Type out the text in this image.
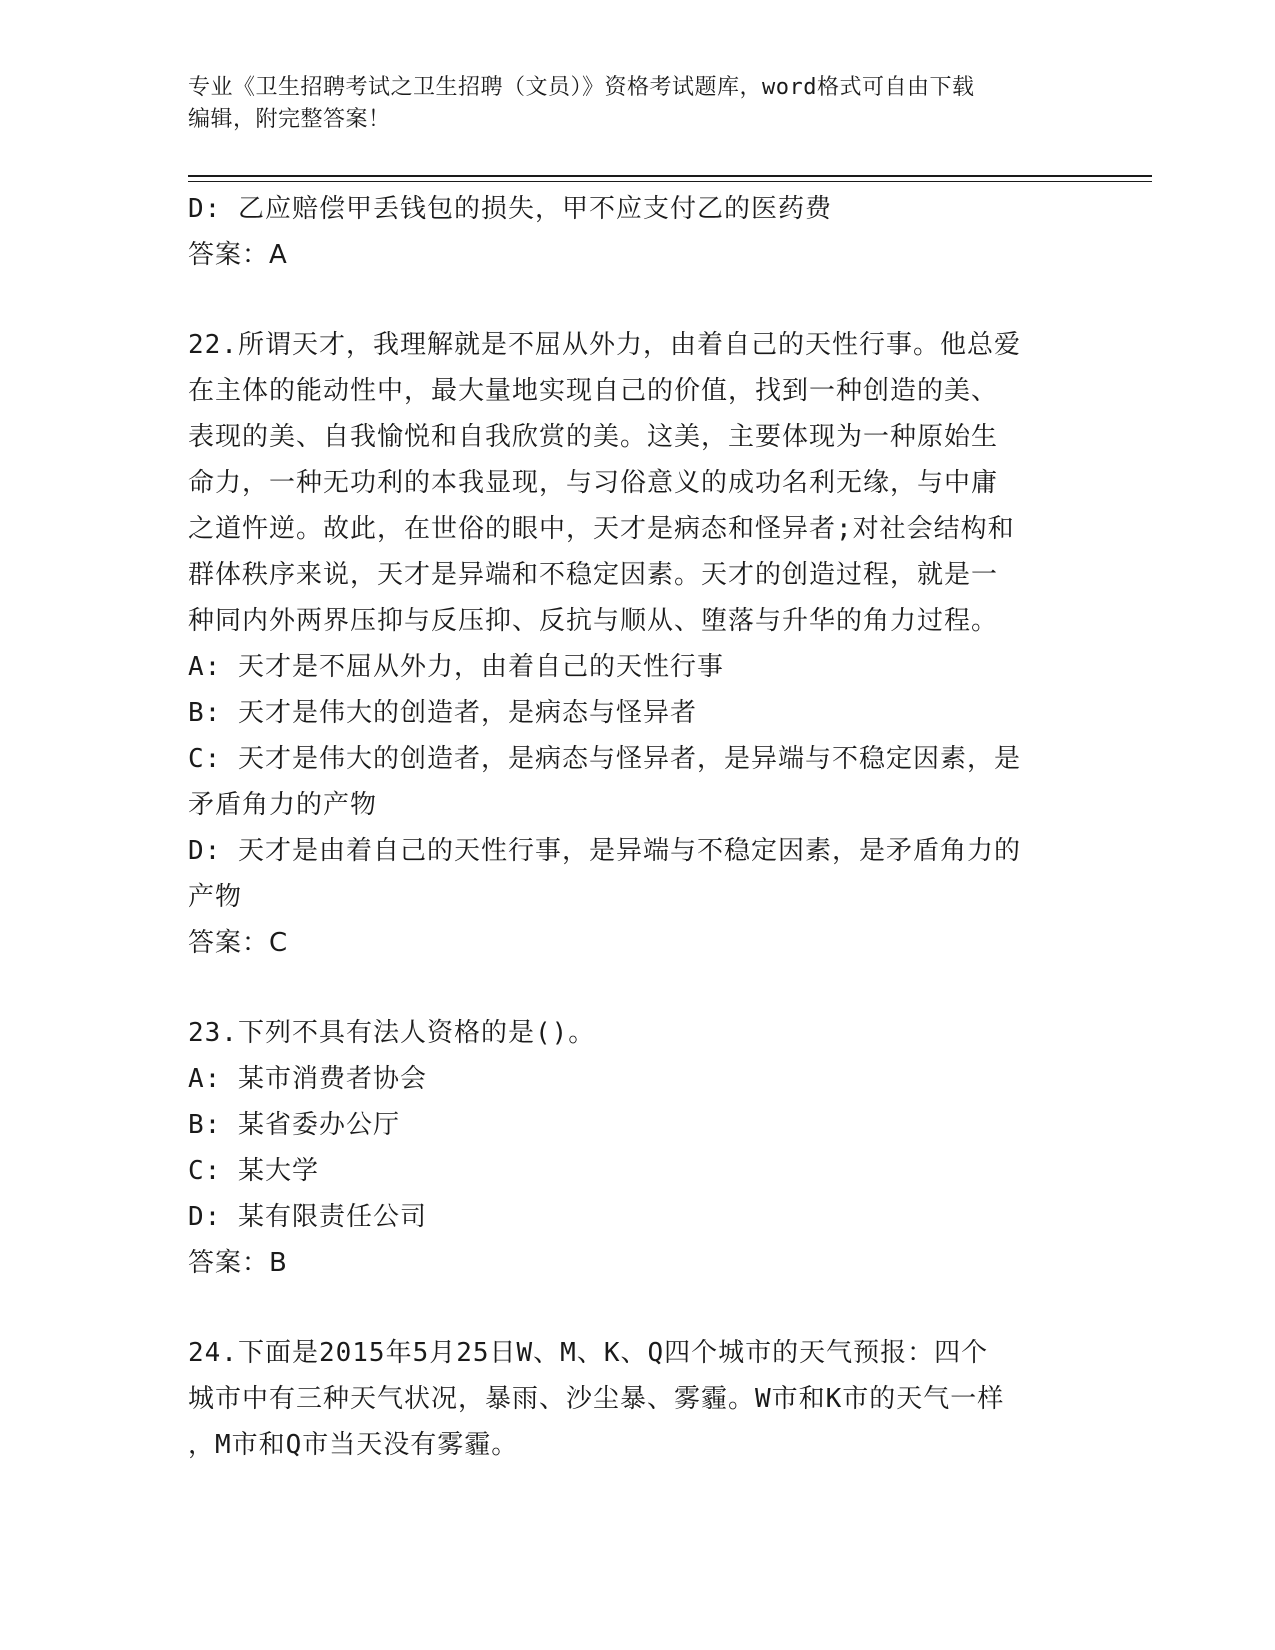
专业《卫生招聘考试之卫生招聘（文员）》资格考试题库，word格式可自由下载
编辑，附完整答案！
D: 乙应赔偿甲丢钱包的损失，甲不应支付乙的医药费
答案：A
22.所谓天才，我理解就是不屈从外力，由着自己的天性行事。他总爱
在主体的能动性中，最大量地实现自己的价值，找到一种创造的美、
表现的美、自我愉悦和自我欣赏的美。这美，主要体现为一种原始生
命力，一种无功利的本我显现，与习俗意义的成功名利无缘，与中庸
之道忤逆。故此，在世俗的眼中，天才是病态和怪异者;对社会结构和
群体秩序来说，天才是异端和不稳定因素。天才的创造过程，就是一
种同内外两界压抑与反压抑、反抗与顺从、堕落与升华的角力过程。
A: 天才是不屈从外力，由着自己的天性行事
B: 天才是伟大的创造者，是病态与怪异者
C: 天才是伟大的创造者，是病态与怪异者，是异端与不稳定因素，是
矛盾角力的产物
D: 天才是由着自己的天性行事，是异端与不稳定因素，是矛盾角力的
产物
答案：C
23.下列不具有法人资格的是()。
A: 某市消费者协会
B: 某省委办公厅
C: 某大学
D: 某有限责任公司
答案：B
24.下面是2015年5月25日W、M、K、Q四个城市的天气预报：四个
城市中有三种天气状况，暴雨、沙尘暴、雾霾。W市和K市的天气一样
，M市和Q市当天没有雾霾。
